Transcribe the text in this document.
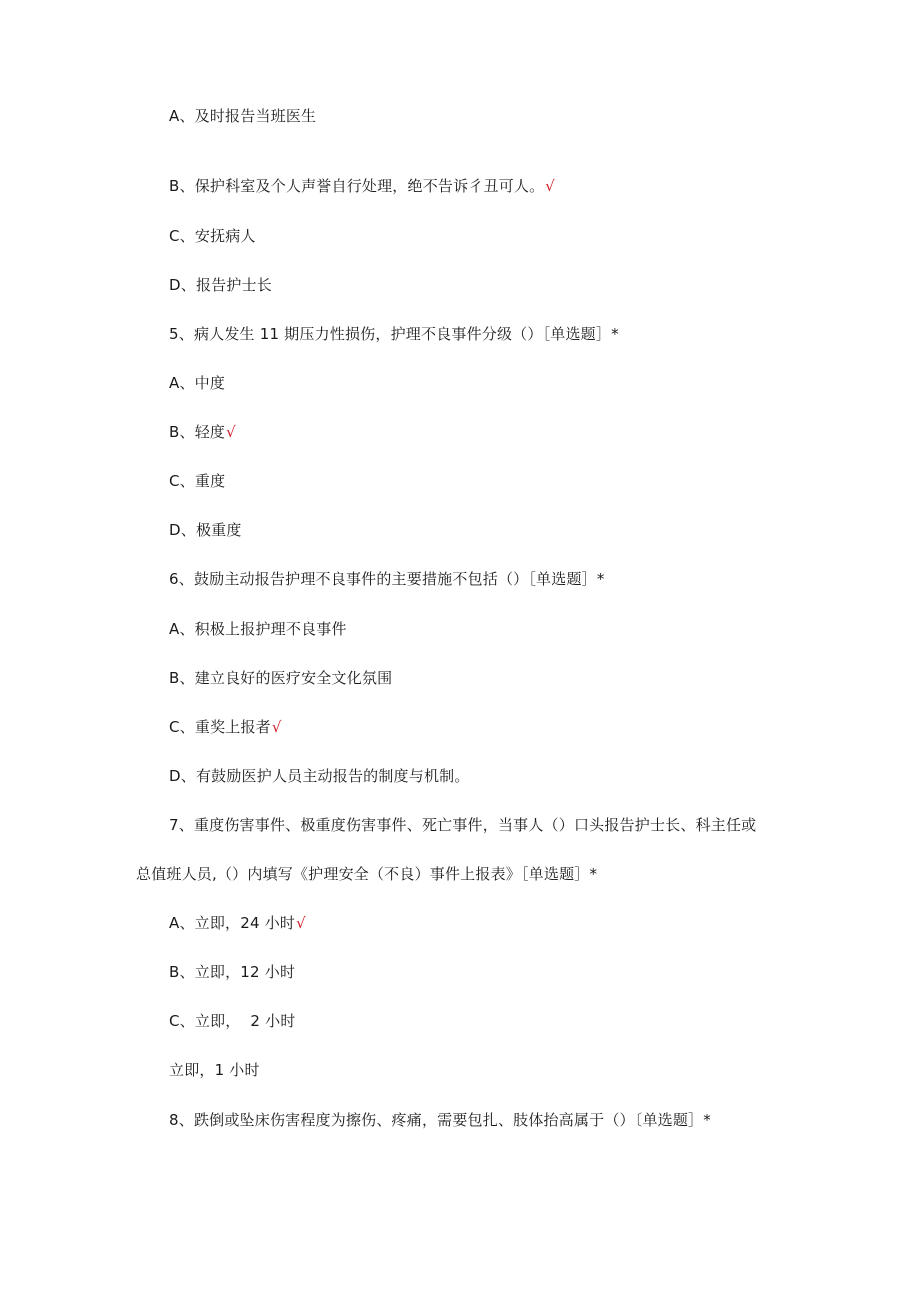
A、及时报告当班医生
B、保护科室及个人声誉自行处理，绝不告诉彳丑可人。√
C、安抚病人
D、报告护士长
5、病人发生 11 期压力性损伤，护理不良事件分级（）［单选题］*
A、中度
B、轻度√
C、重度
D、极重度
6、鼓励主动报告护理不良事件的主要措施不包括（）［单选题］*
A、积极上报护理不良事件
B、建立良好的医疗安全文化氛围
C、重奖上报者√
D、有鼓励医护人员主动报告的制度与机制。
7、重度伤害事件、极重度伤害事件、死亡事件，当事人（）口头报告护士长、科主任或
总值班人员,（）内填写《护理安全（不良）事件上报表》［单选题］*
A、立即，24 小时√
B、立即，12 小时
C、立即，  2 小时
立即，1 小时
8、跌倒或坠床伤害程度为擦伤、疼痛，需要包扎、肢体抬高属于（）〔单选题］*
